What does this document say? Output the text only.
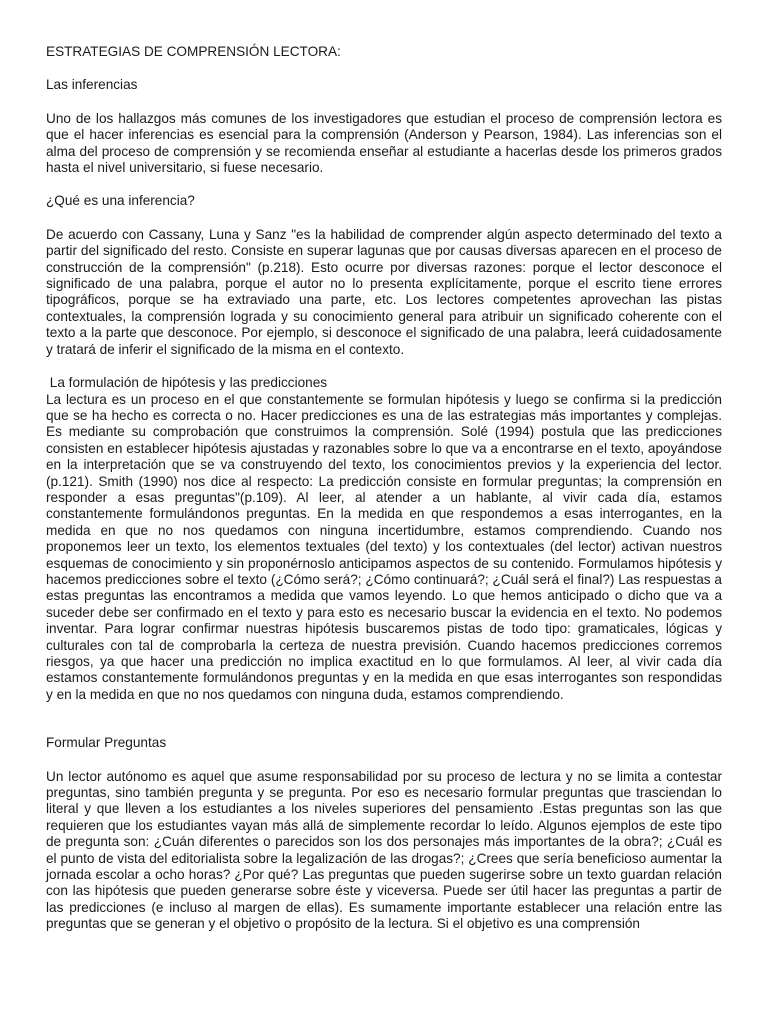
ESTRATEGIAS DE COMPRENSIÓN LECTORA:
Las inferencias

Uno de los hallazgos más comunes de los investigadores que estudian el proceso de comprensión lectora es que el hacer inferencias es esencial para la comprensión (Anderson y Pearson, 1984). Las inferencias son el alma del proceso de comprensión y se recomienda enseñar al estudiante a hacerlas desde los primeros grados hasta el nivel universitario, si fuese necesario.

¿Qué es una inferencia?

De acuerdo con Cassany, Luna y Sanz "es la habilidad de comprender algún aspecto determinado del texto a partir del significado del resto. Consiste en superar lagunas que por causas diversas aparecen en el proceso de construcción de la comprensión" (p.218). Esto ocurre por diversas razones: porque el lector desconoce el significado de una palabra, porque el autor no lo presenta explícitamente, porque el escrito tiene errores tipográficos, porque se ha extraviado una parte, etc. Los lectores competentes aprovechan las pistas contextuales, la comprensión lograda y su conocimiento general para atribuir un significado coherente con el texto a la parte que desconoce. Por ejemplo, si desconoce el significado de una palabra, leerá cuidadosamente y tratará de inferir el significado de la misma en el contexto.

La formulación de hipótesis y las predicciones

La lectura es un proceso en el que constantemente se formulan hipótesis y luego se confirma si la predicción que se ha hecho es correcta o no. Hacer predicciones es una de las estrategias más importantes y complejas. Es mediante su comprobación que construimos la comprensión. Solé (1994) postula que las predicciones consisten en establecer hipótesis ajustadas y razonables sobre lo que va a encontrarse en el texto, apoyándose en la interpretación que se va construyendo del texto, los conocimientos previos y la experiencia del lector. (p.121). Smith (1990) nos dice al respecto: La predicción consiste en formular preguntas; la comprensión en responder a esas preguntas"(p.109). Al leer, al atender a un hablante, al vivir cada día, estamos constantemente formulándonos preguntas. En la medida en que respondemos a esas interrogantes, en la medida en que no nos quedamos con ninguna incertidumbre, estamos comprendiendo. Cuando nos proponemos leer un texto, los elementos textuales (del texto) y los contextuales (del lector) activan nuestros esquemas de conocimiento y sin proponérnoslo anticipamos aspectos de su contenido. Formulamos hipótesis y hacemos predicciones sobre el texto (¿Cómo será?; ¿Cómo continuará?; ¿Cuál será el final?) Las respuestas a estas preguntas las encontramos a medida que vamos leyendo. Lo que hemos anticipado o dicho que va a suceder debe ser confirmado en el texto y para esto es necesario buscar la evidencia en el texto. No podemos inventar. Para lograr confirmar nuestras hipótesis buscaremos pistas de todo tipo: gramaticales, lógicas y culturales con tal de comprobarla la certeza de nuestra previsión. Cuando hacemos predicciones corremos riesgos, ya que hacer una predicción no implica exactitud en lo que formulamos. Al leer, al vivir cada día estamos constantemente formulándonos preguntas y en la medida en que esas interrogantes son respondidas y en la medida en que no nos quedamos con ninguna duda, estamos comprendiendo.

Formular Preguntas

Un lector autónomo es aquel que asume responsabilidad por su proceso de lectura y no se limita a contestar preguntas, sino también pregunta y se pregunta. Por eso es necesario formular preguntas que trasciendan lo literal y que lleven a los estudiantes a los niveles superiores del pensamiento .Estas preguntas son las que requieren que los estudiantes vayan más allá de simplemente recordar lo leído. Algunos ejemplos de este tipo de pregunta son: ¿Cuán diferentes o parecidos son los dos personajes más importantes de la obra?; ¿Cuál es el punto de vista del editorialista sobre la legalización de las drogas?; ¿Crees que sería beneficioso aumentar la jornada escolar a ocho horas? ¿Por qué? Las preguntas que pueden sugerirse sobre un texto guardan relación con las hipótesis que pueden generarse sobre éste y viceversa. Puede ser útil hacer las preguntas a partir de las predicciones (e incluso al margen de ellas). Es sumamente importante establecer una relación entre las preguntas que se generan y el objetivo o propósito de la lectura. Si el objetivo es una comprensión
